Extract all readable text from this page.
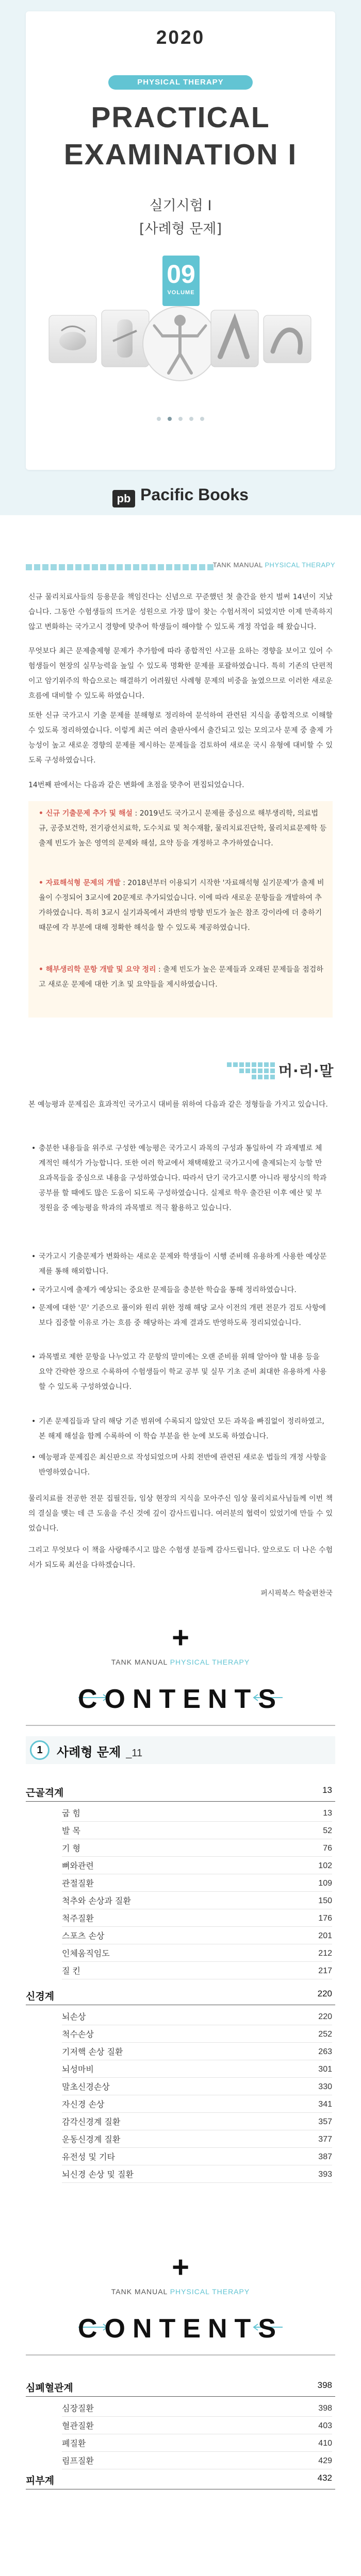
2020
PHYSICAL THERAPY
PRACTICAL
EXAMINATION I
실기시험 I
[사례형 문제]
09
VOLUME

pb Pacific Books
TANK MANUAL PHYSICAL THERAPY
신규 물리치료사들의 등용문을 책임진다는 신념으로 꾸준했던 첫 출간을 한지 벌써 14년이 지났습니다. 그동안 수험생들의 뜨거운 성원으로 가장 많이 찾는 수험서적이 되었지만 이제 만족하지 않고 변화하는 국가고시 경향에 맞추어 학생들이 해야할 수 있도록 개정 작업을 해 왔습니다.
무엇보다 최근 문제출제형 문제가 추가함에 따라 종합적인 사고를 요하는 경향을 보이고 있어 수험생들이 현장의 실무능력을 높일 수 있도록 명확한 문제를 포괄하였습니다. 특히 기존의 단편적이고 암기위주의 학습으로는 해결하기 어려웠던 사례형 문제의 비중을 높였으므로 이러한 새로운 흐름에 대비할 수 있도록 하였습니다.
또한 신규 국가고시 기출 문제를 분해형로 정리하여 문석하여 관련된 지식을 종합적으로 이해할 수 있도록 정리하였습니다. 이렇게 최근 여러 출판사에서 출간되고 있는 모의고사 문제 중 출제 가능성이 높고 새로운 경향의 문제를 제시하는 문제들을 검토하여 새로운 국시 유형에 대비할 수 있도록 구성하였습니다.
14번째 판에서는 다음과 같은 변화에 초점을 맞추어 편집되었습니다.
• 신규 기출문제 추가 및 해설 : 2019년도 국가고시 문제를 중심으로 해부생리학, 의료법규, 공중보건학, 전기광선치료학, 도수치료 및 척수재활, 물리치료진단학, 물리치료문제학 등 출제 빈도가 높은 영역의 문제와 해설, 요약 등을 개정하고 추가하였습니다.
• 자료해석형 문제의 개발 : 2018년부터 이용되기 시작한 '자료해석형 실기문제'가 출제 비율이 수정되어 3교시에 20문제로 추가되었습니다. 이에 따라 새로운 문항들을 개발하여 추가하였습니다. 특히 3교시 실기과목에서 과반의 방향 빈도가 높은 참조 강이라에 더 충하기 때문에 각 부분에 대해 정확한 해석을 할 수 있도록 제공하였습니다.
• 해부생리학 문항 개발 및 요약 정리 : 출제 빈도가 높은 문제들과 오래된 문제들을 점검하고 새로운 문제에 대한 기초 및 요약들을 제시하였습니다.
머·리·말
본 예능평과 문제집은 효과적인 국가고시 대비를 위하여 다음과 같은 정형들을 가지고 있습니다.
• 충분한 내용들을 위주로 구성한 예능평은 국가고시 과목의 구성과 통일하여 각 과제별로 체계적인 해석가 가능합니다. 또한 여러 학교에서 채택해왔고 국가고시에 출제되는지 능할 만 요과목들을 중심으로 내용을 구성하였습니다. 따라서 단기 국가고시뿐 아니라 평상시의 학과 공부를 할 때에도 많은 도움이 되도록 구성하였습니다. 실제로 학우 출간된 이후 예산 및 부정원을 중 예능평을 학과의 과목별로 적극 활용하고 있습니다.
• 국가고시 기출문제가 변화하는 새로운 문제와 학생들이 시행 준비해 유용하게 사용한 예상문제를 통해 해외합니다.
• 국가고시에 출제가 예상되는 중요한 문제들을 충분한 학습을 통해 정리하였습니다.
• 문제에 대한 '문' 기준으로 풀이와 원리 위한 정해 해당 교사 이전의 개편 전문가 검토 사항에 보다 집중할 이유로 가는 흐름 중 해당하는 과제 결과도 반영하도록 정리되었습니다.
• 과목별로 제한 문항을 나누었고 각 문항의 말미에는 오랜 준비를 위해 알아야 할 내용 등을 요약 간략한 장으로 수록하여 수험생들이 학교 공부 및 실무 기초 준비 최대한 유용하게 사용 할 수 있도록 구성하였습니다.
• 기존 문제집들과 달리 해당 기준 범위에 수록되지 않았던 모든 과목을 빠짐없이 정리하였고, 본 해제 해설을 함께 수록하여 이 학습 부분을 한 눈에 보도록 하였습니다.
• 예능평과 문제집은 최신판으로 작성되었으며 사회 전반에 관련된 새로운 법들의 개정 사항을 반영하였습니다.
물리치료를 전공한 전문 집필진들, 임상 현장의 지식을 모아주신 임상 물리치료사님들께 이번 책의 결실을 맺는 데 큰 도움을 주신 것에 깊이 감사드립니다. 여러분의 협력이 있었기에 만들 수 있었습니다.
그리고 무엇보다 이 책을 사랑해주시고 많은 수험생 분들께 감사드립니다. 앞으로도 더 나은 수험서가 되도록 최선을 다하겠습니다.
퍼시픽북스 학술편찬국
+
TANK MANUAL PHYSICAL THERAPY
CONTENTS
1	사례형 문제 _11
근골격계	13
굽 힘	13
발 목	52
기 형	76
뼈와관련	102
관절질환	109
척추와 손상과 질환	150
척주질환	176
스포츠 손상	201
인체움직임도	212
질 킨	217
신경계	220
뇌손상	220
척수손상	252
기저핵 손상 질환	263
뇌성마비	301
말초신경손상	330
자신경 손상	341
감각신경계 질환	357
운동신경계 질환	377
유전성 및 기타	387
뇌신경 손상 및 질환	393
+
TANK MANUAL PHYSICAL THERAPY
CONTENTS
심폐혈관계	398
심장질환	398
혈관질환	403
폐질환	410
림프질환	429
피부계	432
